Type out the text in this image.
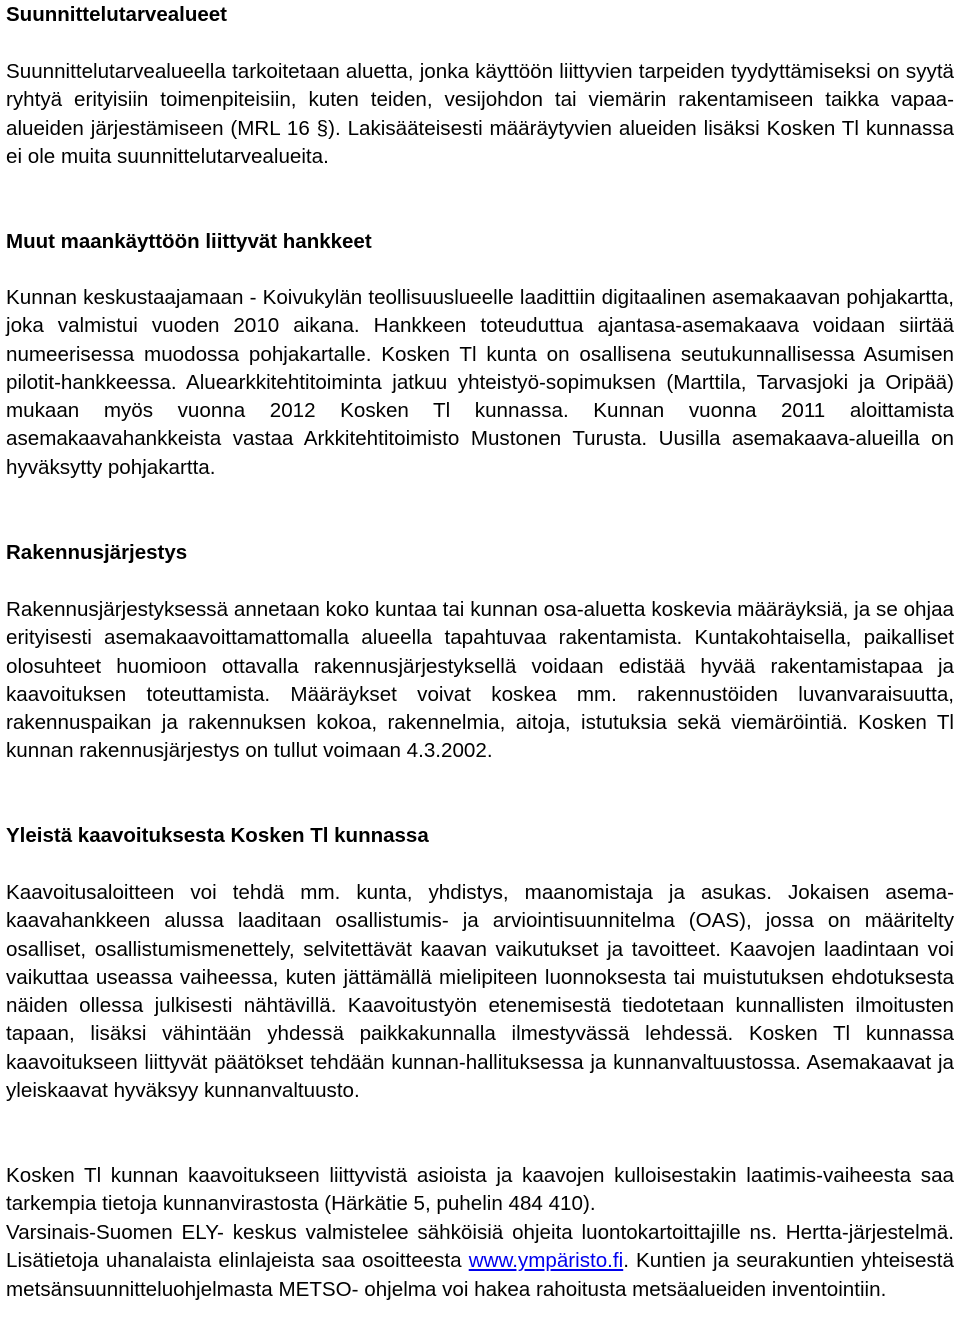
Suunnittelutarvealueet

Suunnittelutarvealueella tarkoitetaan aluetta, jonka käyttöön liittyvien tarpeiden tyydyttämiseksi on syytä ryhtyä erityisiin toimenpiteisiin, kuten teiden, vesijohdon tai viemärin rakentamiseen taikka vapaa-alueiden järjestämiseen (MRL 16 §). Lakisääteisesti määräytyvien alueiden lisäksi Kosken Tl kunnassa ei ole muita suunnittelutarvealueita.

Muut maankäyttöön liittyvät hankkeet

Kunnan keskustaajamaan - Koivukylän teollisuuslueelle laadittiin digitaalinen asemakaavan pohjakartta, joka valmistui vuoden 2010 aikana. Hankkeen toteuduttua ajantasa-asemakaava voidaan siirtää numeerisessa muodossa pohjakartalle. Kosken Tl kunta on osallisena seutukunnallisessa Asumisen pilotit-hankkeessa. Aluearkkitehtitoiminta jatkuu yhteistyö-sopimuksen (Marttila, Tarvasjoki ja Oripää) mukaan myös vuonna 2012 Kosken Tl kunnassa. Kunnan vuonna 2011 aloittamista asemakaavahankkeista vastaa Arkkitehtitoimisto Mustonen Turusta. Uusilla asemakaava-alueilla on hyväksytty pohjakartta.

Rakennusjärjestys

Rakennusjärjestyksessä annetaan koko kuntaa tai kunnan osa-aluetta koskevia määräyksiä, ja se ohjaa erityisesti asemakaavoittamattomalla alueella tapahtuvaa rakentamista. Kuntakohtaisella, paikalliset olosuhteet huomioon ottavalla rakennusjärjestyksellä voidaan edistää hyvää rakentamistapaa ja kaavoituksen toteuttamista. Määräykset voivat koskea mm. rakennustöiden luvanvaraisuutta, rakennuspaikan ja rakennuksen kokoa, rakennelmia, aitoja, istutuksia sekä viemäröintiä. Kosken Tl kunnan rakennusjärjestys on tullut voimaan 4.3.2002.

Yleistä kaavoituksesta Kosken Tl kunnassa

Kaavoitusaloitteen voi tehdä mm. kunta, yhdistys, maanomistaja ja asukas. Jokaisen asema-kaavahankkeen alussa laaditaan osallistumis- ja arviointisuunnitelma (OAS), jossa on määritelty osalliset, osallistumismenettely, selvitettävät kaavan vaikutukset ja tavoitteet. Kaavojen laadintaan voi vaikuttaa useassa vaiheessa, kuten jättämällä mielipiteen luonnoksesta tai muistutuksen ehdotuksesta näiden ollessa julkisesti nähtävillä. Kaavoitustyön etenemisestä tiedotetaan kunnallisten ilmoitusten tapaan, lisäksi vähintään yhdessä paikkakunnalla ilmestyvässä lehdessä. Kosken Tl kunnassa kaavoitukseen liittyvät päätökset tehdään kunnan-hallituksessa ja kunnanvaltuustossa. Asemakaavat ja yleiskaavat hyväksyy kunnanvaltuusto.

Kosken Tl kunnan kaavoitukseen liittyvistä asioista ja kaavojen kulloisestakin laatimis-vaiheesta saa tarkempia tietoja kunnanvirastosta (Härkätie 5, puhelin 484 410).

Varsinais-Suomen ELY- keskus valmistelee sähköisiä ohjeita luontokartoittajille ns. Hertta-järjestelmä. Lisätietoja uhanalaista elinlajeista saa osoitteesta www.ympäristo.fi. Kuntien ja seurakuntien yhteisestä metsänsuunnitteluohjelmasta METSO- ohjelma voi hakea rahoitusta metsäalueiden inventointiin.
